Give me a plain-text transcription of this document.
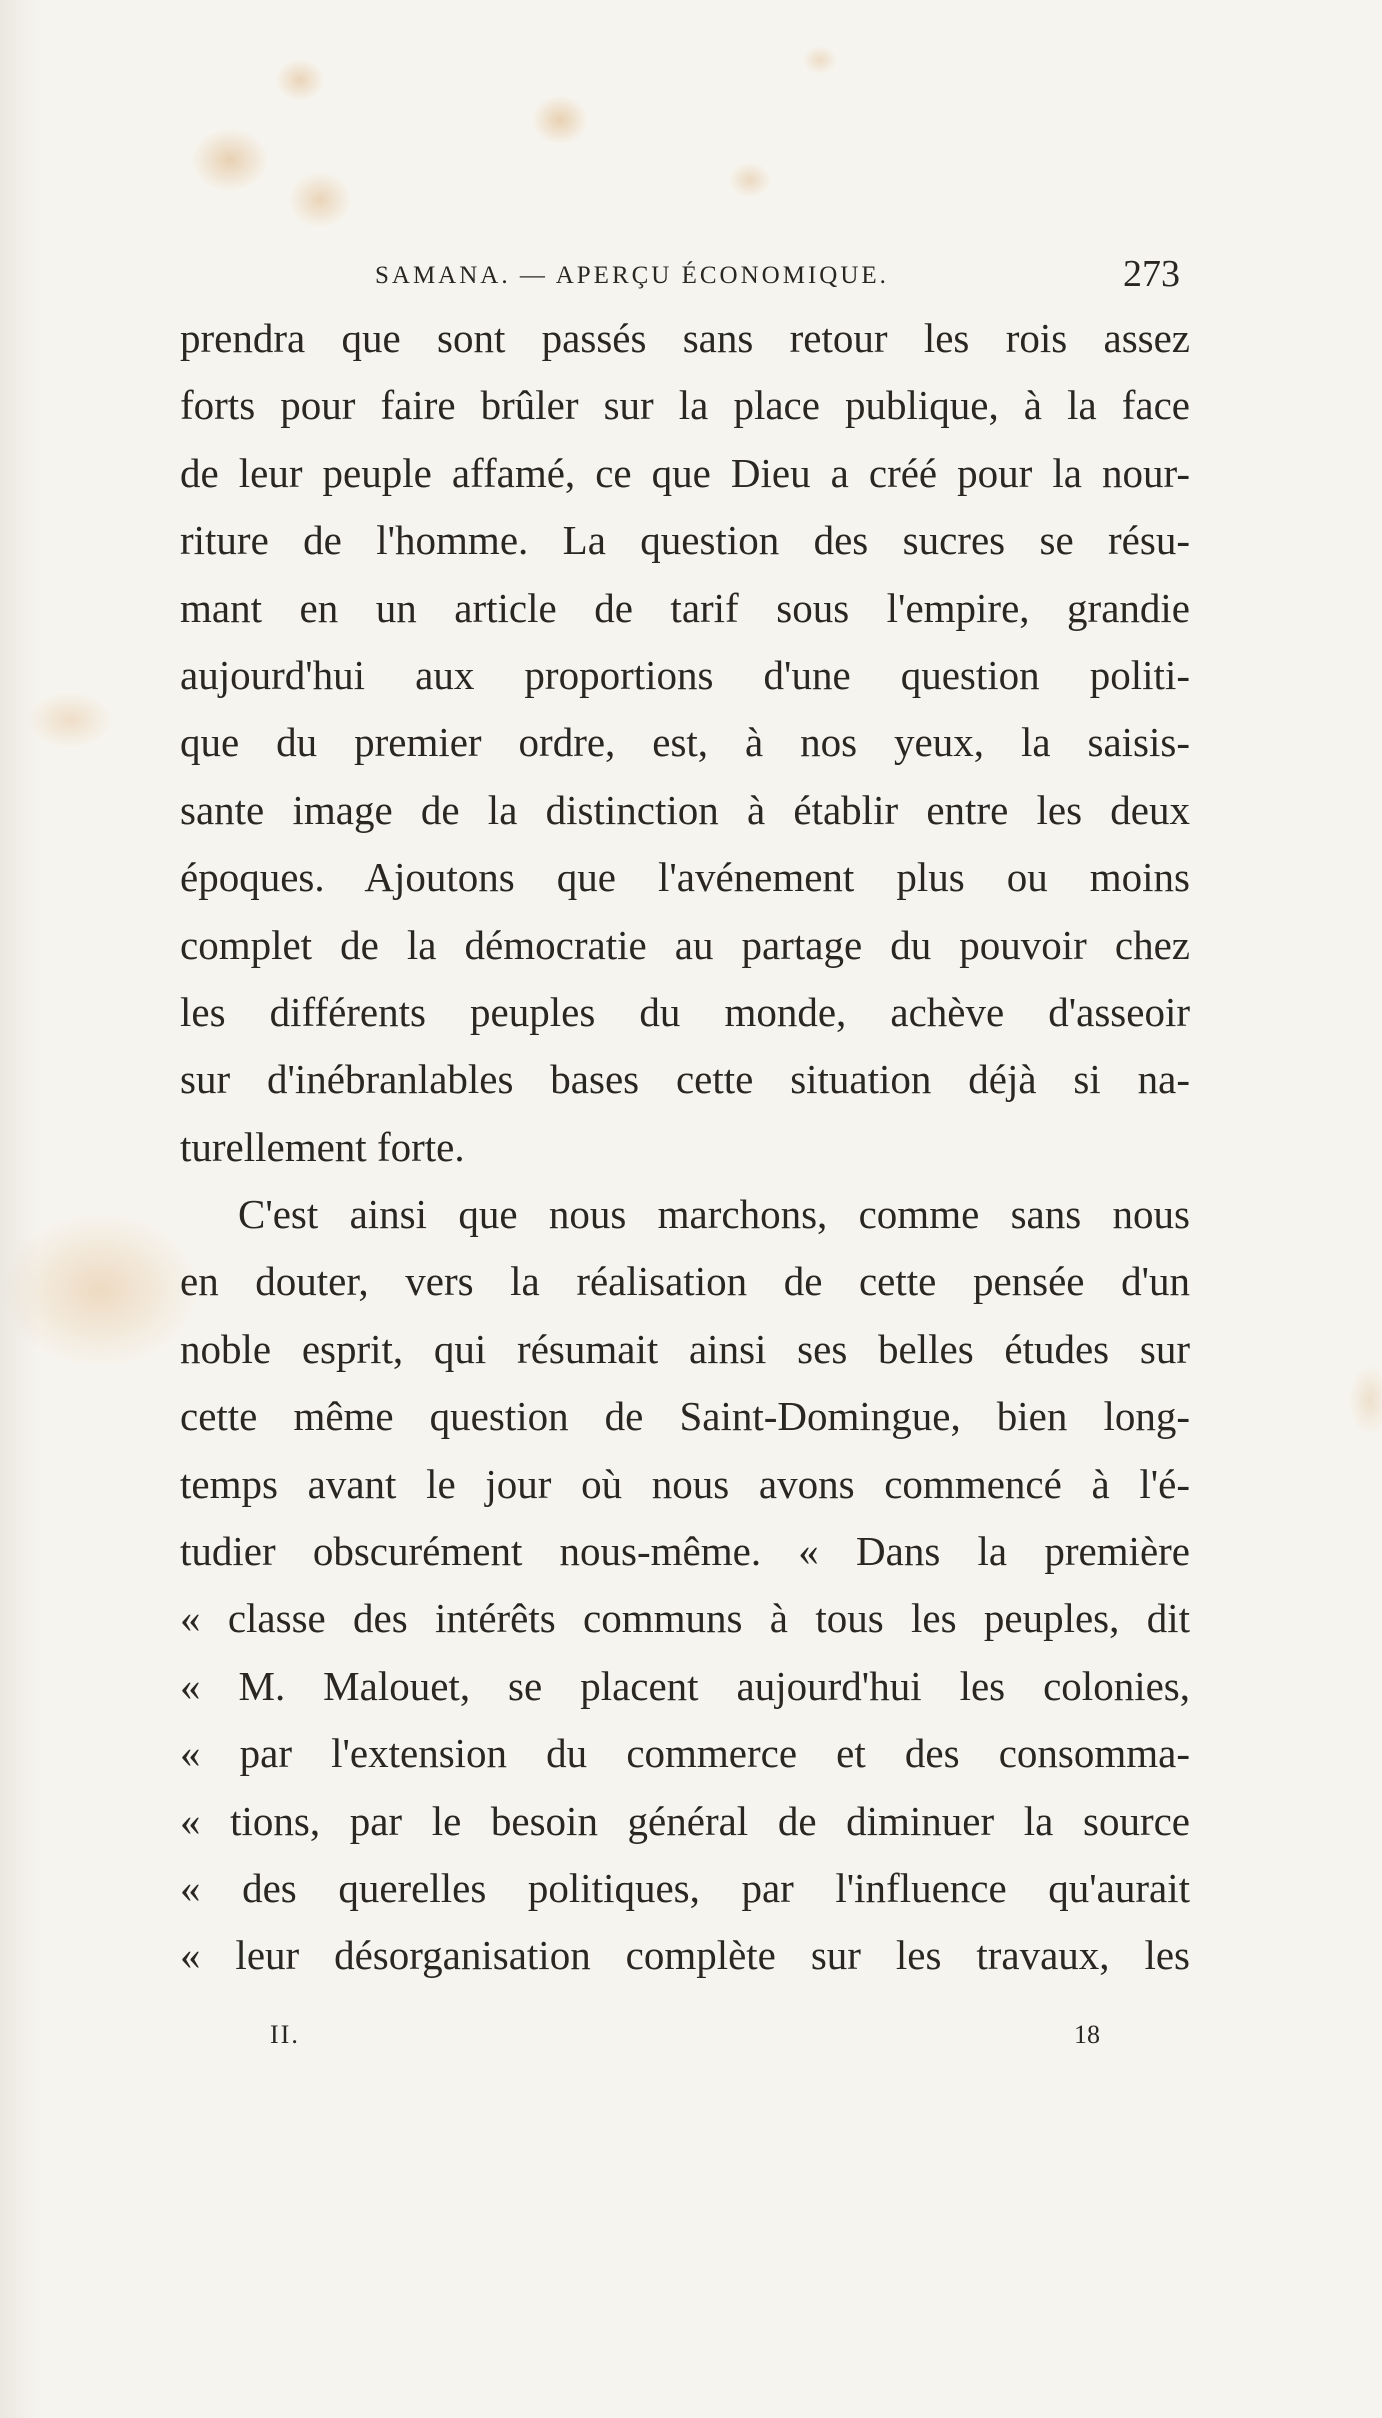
SAMANA. — APERÇU ÉCONOMIQUE.	273
prendra que sont passés sans retour les rois assez
forts pour faire brûler sur la place publique, à la face
de leur peuple affamé, ce que Dieu a créé pour la nour-
riture de l'homme. La question des sucres se résu-
mant en un article de tarif sous l'empire, grandie
aujourd'hui aux proportions d'une question politi-
que du premier ordre, est, à nos yeux, la saisis-
sante image de la distinction à établir entre les deux
époques. Ajoutons que l'avénement plus ou moins
complet de la démocratie au partage du pouvoir chez
les différents peuples du monde, achève d'asseoir
sur d'inébranlables bases cette situation déjà si na-
turellement forte.
C'est ainsi que nous marchons, comme sans nous
en douter, vers la réalisation de cette pensée d'un
noble esprit, qui résumait ainsi ses belles études sur
cette même question de Saint-Domingue, bien long-
temps avant le jour où nous avons commencé à l'é-
tudier obscurément nous-même. « Dans la première
« classe des intérêts communs à tous les peuples, dit
« M. Malouet, se placent aujourd'hui les colonies,
« par l'extension du commerce et des consomma-
« tions, par le besoin général de diminuer la source
« des querelles politiques, par l'influence qu'aurait
« leur désorganisation complète sur les travaux, les
II.	18
